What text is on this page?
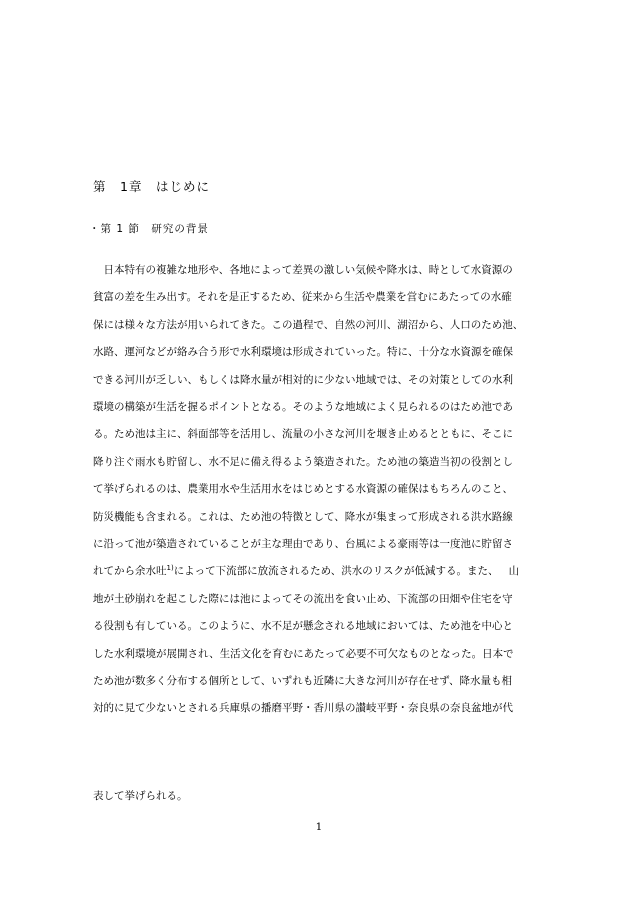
第　1章　はじめに
・第 1 節　研究の背景
　日本特有の複雑な地形や、各地によって差異の激しい気候や降水は、時として水資源の
貧富の差を生み出す。それを是正するため、従来から生活や農業を営むにあたっての水確
保には様々な方法が用いられてきた。この過程で、自然の河川、湖沼から、人口のため池、
水路、運河などが絡み合う形で水利環境は形成されていった。特に、十分な水資源を確保
できる河川が乏しい、もしくは降水量が相対的に少ない地域では、その対策としての水利
環境の構築が生活を握るポイントとなる。そのような地域によく見られるのはため池であ
る。ため池は主に、斜面部等を活用し、流量の小さな河川を堰き止めるとともに、そこに
降り注ぐ雨水も貯留し、水不足に備え得るよう築造された。ため池の築造当初の役割とし
て挙げられるのは、農業用水や生活用水をはじめとする水資源の確保はもちろんのこと、
防災機能も含まれる。これは、ため池の特徴として、降水が集まって形成される洪水路線
に沿って池が築造されていることが主な理由であり、台風による豪雨等は一度池に貯留さ
れてから余水吐$^{1)}$によって下流部に放流されるため、洪水のリスクが低減する。また、 山
地が土砂崩れを起こした際には池によってその流出を食い止め、下流部の田畑や住宅を守
る役割も有している。このように、水不足が懸念される地域においては、ため池を中心と
した水利環境が展開され、生活文化を育むにあたって必要不可欠なものとなった。日本で
ため池が数多く分布する個所として、いずれも近隣に大きな河川が存在せず、降水量も相
対的に見て少ないとされる兵庫県の播磨平野・香川県の讃岐平野・奈良県の奈良盆地が代
表して挙げられる。
1
